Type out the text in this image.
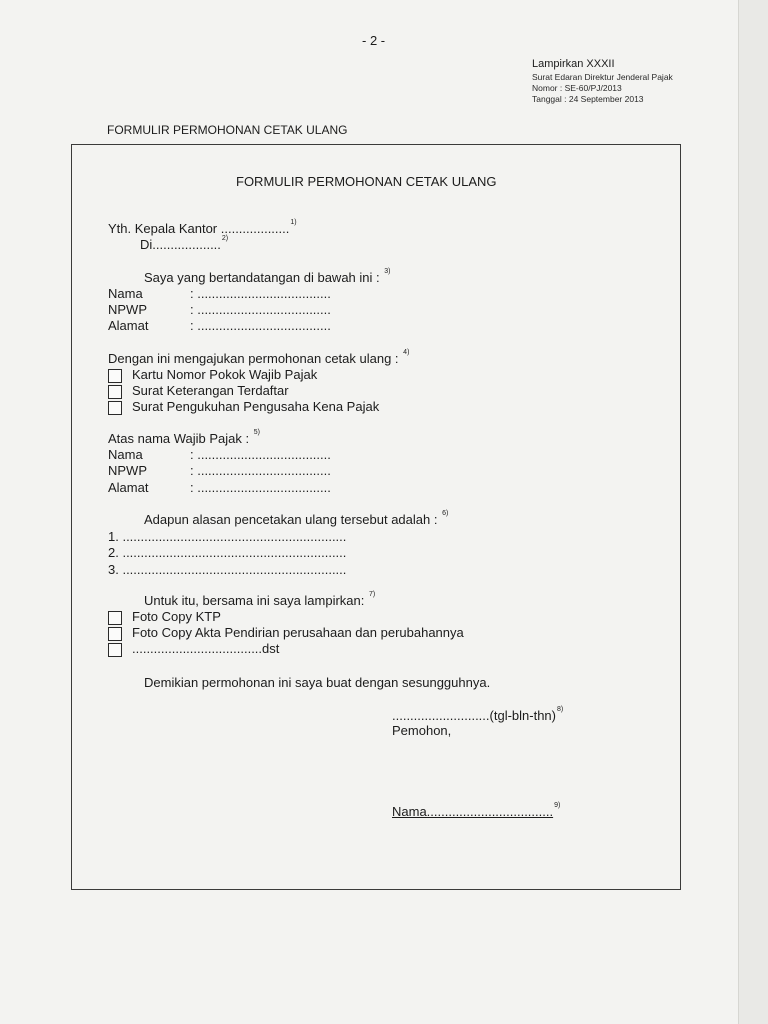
- 2 -
Lampirkan XXXII
Surat Edaran Direktur Jenderal Pajak
Nomor : SE-60/PJ/2013
Tanggal : 24 September 2013
FORMULIR PERMOHONAN CETAK ULANG
FORMULIR PERMOHONAN CETAK ULANG
Yth. Kepala Kantor ...................$^{1)}$
Di...................$^{2)}$
Saya yang bertandatangan di bawah ini : $^{3)}$
Nama	: .....................................
NPWP	: .....................................
Alamat	: .....................................
Dengan ini mengajukan permohonan cetak ulang : $^{4)}$
Kartu Nomor Pokok Wajib Pajak
Surat Keterangan Terdaftar
Surat Pengukuhan Pengusaha Kena Pajak
Atas nama Wajib Pajak : $^{5)}$
Nama	: .....................................
NPWP	: .....................................
Alamat	: .....................................
Adapun alasan pencetakan ulang tersebut adalah : $^{6)}$
1. ..............................................................
2. ..............................................................
3. ..............................................................
Untuk itu, bersama ini saya lampirkan: $^{7)}$
Foto Copy KTP
Foto Copy Akta Pendirian perusahaan dan perubahannya
....................................dst
Demikian permohonan ini saya buat dengan sesungguhnya.
$...........................(tgl-bln-thn)^{8)}$
Pemohon,
Nama...................................$^{9)}$
